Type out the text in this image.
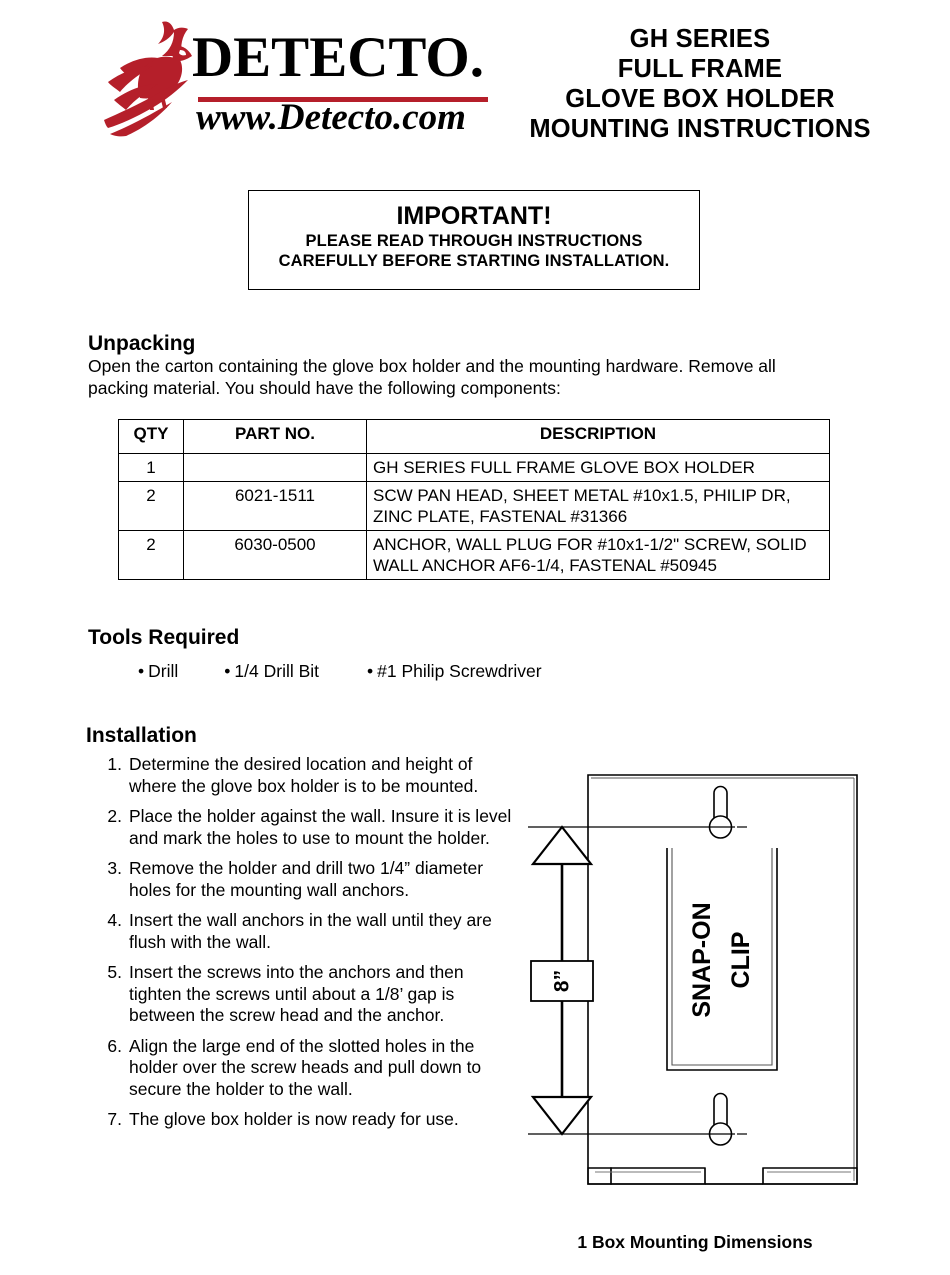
DETECTO.
www.Detecto.com
GH SERIES
FULL FRAME
GLOVE BOX HOLDER
MOUNTING INSTRUCTIONS
IMPORTANT!
PLEASE READ THROUGH INSTRUCTIONS
CAREFULLY BEFORE STARTING INSTALLATION.
Unpacking
Open the carton containing the glove box holder and the mounting hardware. Remove all packing material. You should have the following components:
QTY	PART NO.	DESCRIPTION
1		GH SERIES FULL FRAME GLOVE BOX HOLDER
2	6021-1511	SCW PAN HEAD, SHEET METAL #10x1.5, PHILIP DR, ZINC PLATE, FASTENAL #31366
2	6030-0500	ANCHOR, WALL PLUG FOR #10x1-1/2" SCREW, SOLID WALL ANCHOR AF6-1/4, FASTENAL #50945
Tools Required
• Drill	• 1/4 Drill Bit	• #1 Philip Screwdriver
Installation
1. Determine the desired location and height of where the glove box holder is to be mounted.
2. Place the holder against the wall. Insure it is level and mark the holes to use to mount the holder.
3. Remove the holder and drill two 1/4” diameter holes for the mounting wall anchors.
4. Insert the wall anchors in the wall until they are flush with the wall.
5. Insert the screws into the anchors and then tighten the screws until about a 1/8’ gap is between the screw head and the anchor.
6. Align the large end of the slotted holes in the holder over the screw heads and pull down to secure the holder to the wall.
7. The glove box holder is now ready for use.
8”	SNAP-ON CLIP
1 Box Mounting Dimensions
